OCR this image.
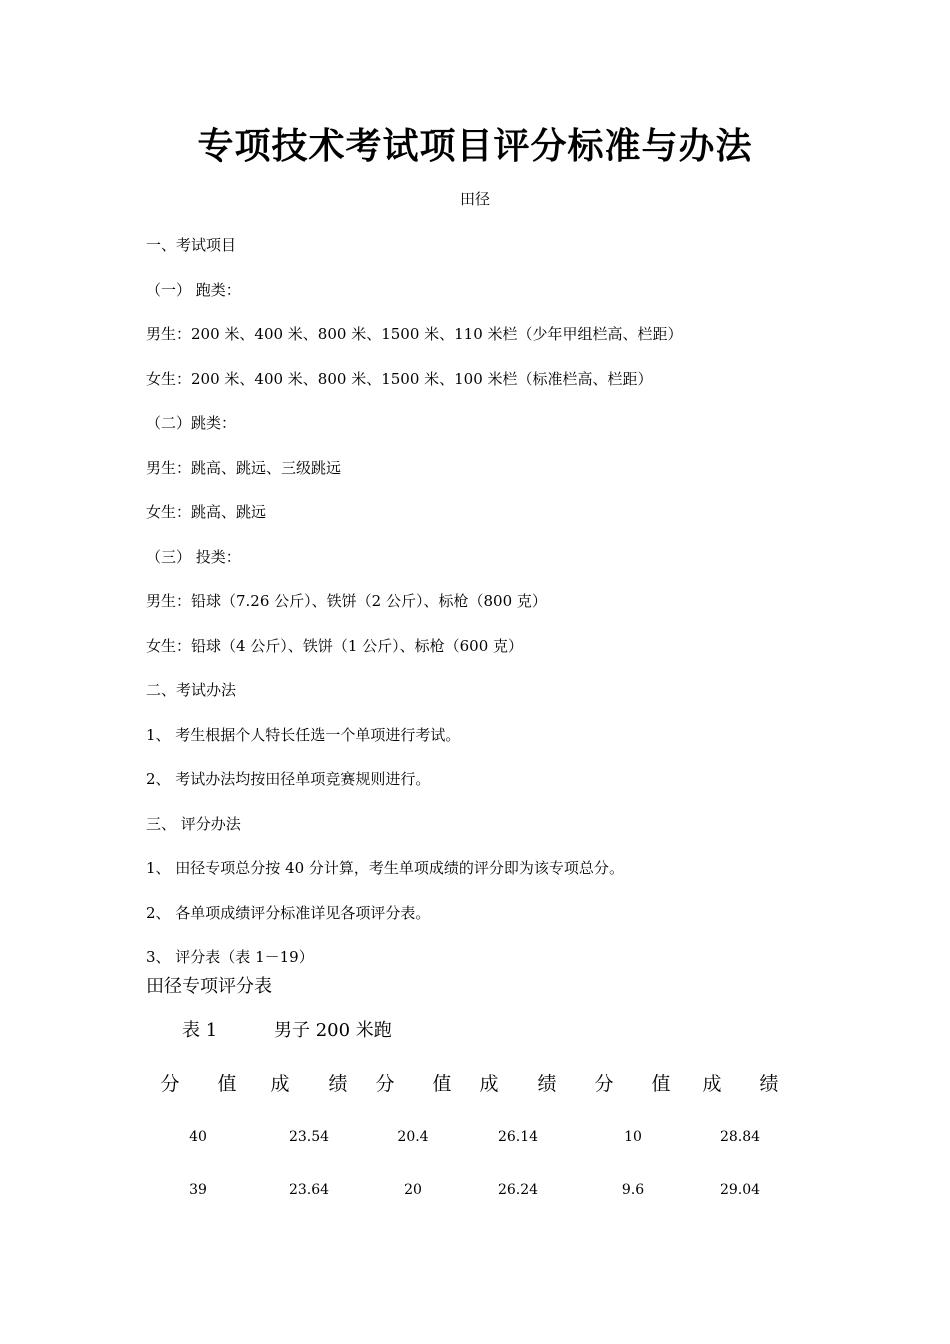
专项技术考试项目评分标准与办法
田径
一、考试项目
（一） 跑类：
男生：200 米、400 米、800 米、1500 米、110 米栏（少年甲组栏高、栏距）
女生：200 米、400 米、800 米、1500 米、100 米栏（标准栏高、栏距）
（二）跳类：
男生：跳高、跳远、三级跳远
女生：跳高、跳远
（三） 投类：
男生：铅球（7.26 公斤）、铁饼（2 公斤）、标枪（800 克）
女生：铅球（4 公斤）、铁饼（1 公斤）、标枪（600 克）
二、考试办法
1、 考生根据个人特长任选一个单项进行考试。
2、 考试办法均按田径单项竞赛规则进行。
三、 评分办法
1、 田径专项总分按 40 分计算，考生单项成绩的评分即为该专项总分。
2、 各单项成绩评分标准详见各项评分表。
3、 评分表（表 1－19）
田径专项评分表
表 1	男子 200 米跑
分	值	成	绩	分	值	成	绩	分	值	成	绩
40	23.54	20.4	26.14	10	28.84
39	23.64	20	26.24	9.6	29.04
